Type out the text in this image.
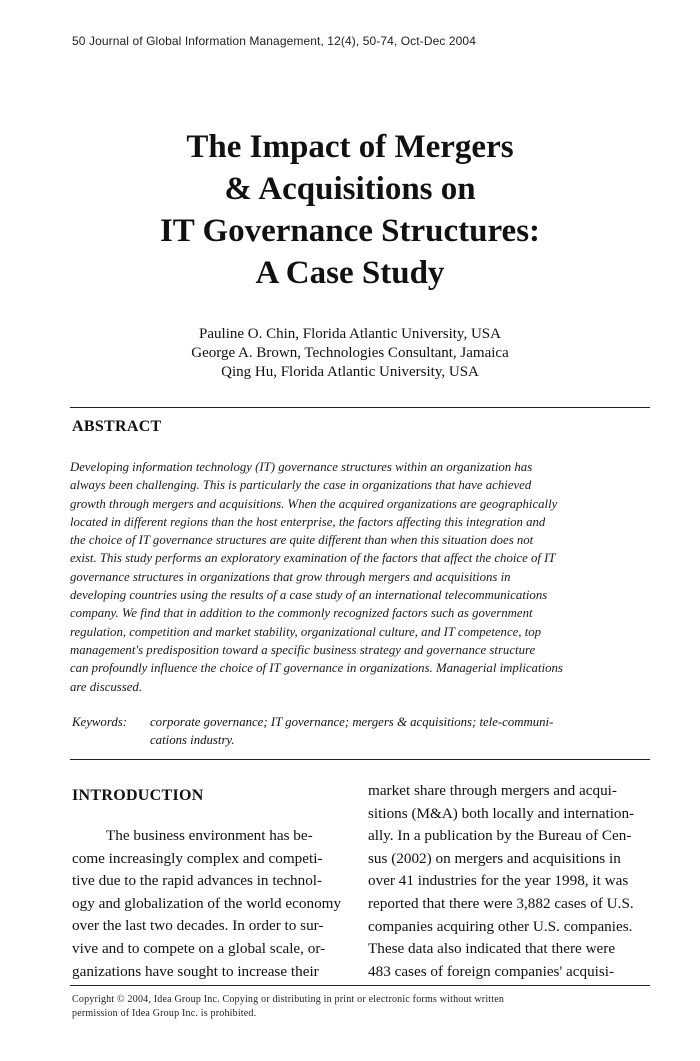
50 Journal of Global Information Management, 12(4), 50-74, Oct-Dec 2004
The Impact of Mergers
& Acquisitions on
IT Governance Structures:
A Case Study
Pauline O. Chin, Florida Atlantic University, USA
George A. Brown, Technologies Consultant, Jamaica
Qing Hu, Florida Atlantic University, USA
ABSTRACT
Developing information technology (IT) governance structures within an organization has
always been challenging. This is particularly the case in organizations that have achieved
growth through mergers and acquisitions. When the acquired organizations are geographically
located in different regions than the host enterprise, the factors affecting this integration and
the choice of IT governance structures are quite different than when this situation does not
exist. This study performs an exploratory examination of the factors that affect the choice of IT
governance structures in organizations that grow through mergers and acquisitions in
developing countries using the results of a case study of an international telecommunications
company. We find that in addition to the commonly recognized factors such as government
regulation, competition and market stability, organizational culture, and IT competence, top
management's predisposition toward a specific business strategy and governance structure
can profoundly influence the choice of IT governance in organizations. Managerial implications
are discussed.
Keywords: corporate governance; IT governance; mergers & acquisitions; tele-communi-
cations industry.
INTRODUCTION
The business environment has be-
come increasingly complex and competi-
tive due to the rapid advances in technol-
ogy and globalization of the world economy
over the last two decades. In order to sur-
vive and to compete on a global scale, or-
ganizations have sought to increase their
market share through mergers and acqui-
sitions (M&A) both locally and internation-
ally. In a publication by the Bureau of Cen-
sus (2002) on mergers and acquisitions in
over 41 industries for the year 1998, it was
reported that there were 3,882 cases of U.S.
companies acquiring other U.S. companies.
These data also indicated that there were
483 cases of foreign companies' acquisi-
Copyright © 2004, Idea Group Inc. Copying or distributing in print or electronic forms without written
permission of Idea Group Inc. is prohibited.
